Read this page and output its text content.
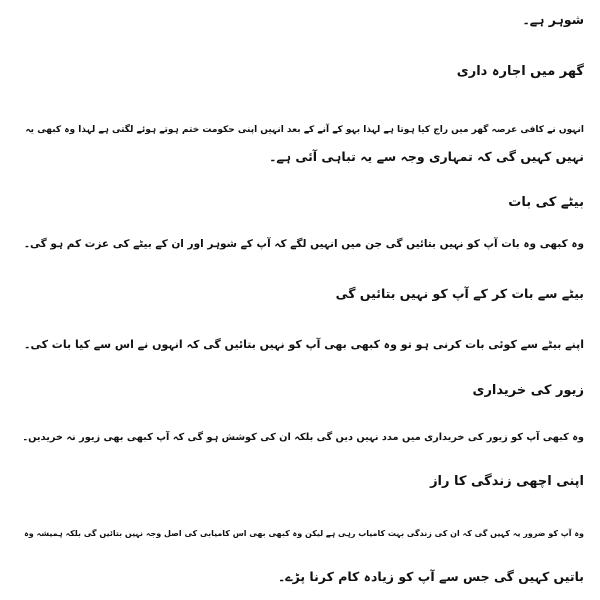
شوہر ہے۔
گھر میں اجارہ داری
انہوں نے کافی عرصہ گھر میں راج کیا ہوتا ہے لہذا بہو کے آنے کے بعد انہیں اپنی حکومت ختم ہوتے ہوئے لگتی ہے لہذا وہ کبھی یہ
نہیں کہیں گی کہ تمہاری وجہ سے یہ تباہی آئی ہے۔
بیٹے کی بات
وہ کبھی وہ بات آپ کو نہیں بتائیں گی جن میں انہیں لگے کہ آپ کے شوہر اور ان کے بیٹے کی عزت کم ہو گی۔
بیٹے سے بات کر کے آپ کو نہیں بتائیں گی
اپنے بیٹے سے کوئی بات کرنی ہو تو وہ کبھی بھی آپ کو نہیں بتائیں گی کہ انہوں نے اس سے کیا بات کی۔
زیور کی خریداری
وہ کبھی آپ کو زیور کی خریداری میں مدد نہیں دیں گی بلکہ ان کی کوشش ہو گی کہ آپ کبھی بھی زیور نہ خریدیں۔
اپنی اچھی زندگی کا راز
وہ آپ کو ضرور یہ کہیں گی کہ ان کی زندگی بہت کامیاب رہی ہے لیکن وہ کبھی بھی اس کامیابی کی اصل وجہ نہیں بتائیں گی بلکہ ہمیشہ وہ
باتیں کہیں گی جس سے آپ کو زیادہ کام کرنا پڑے۔
